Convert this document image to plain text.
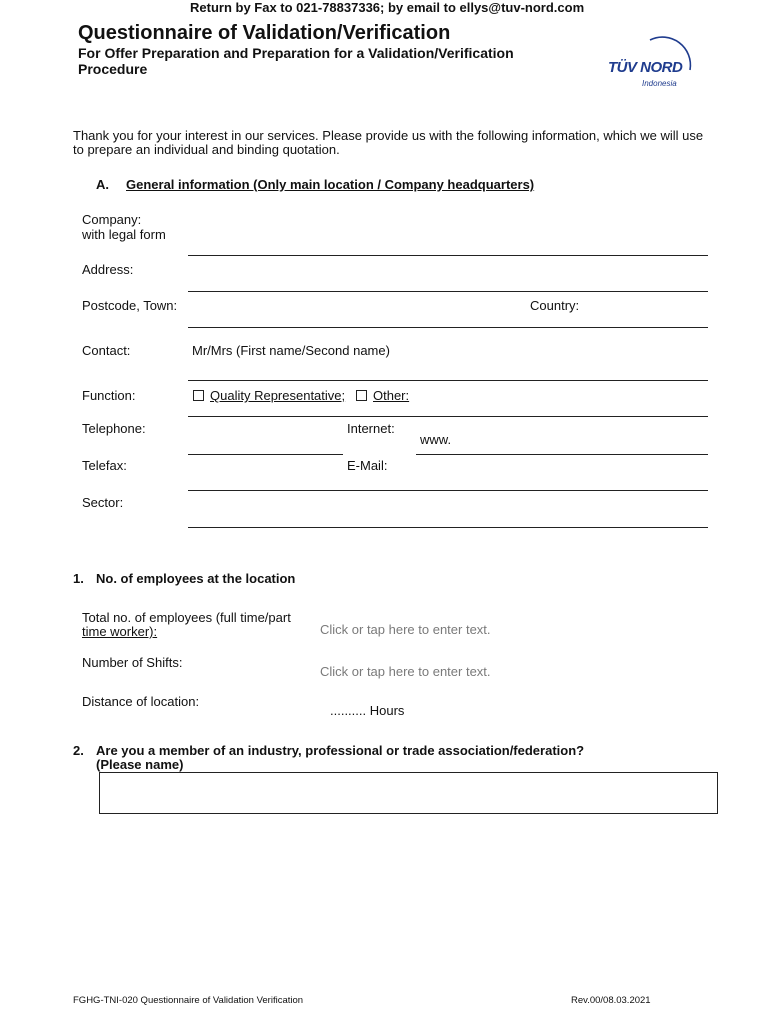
Return by Fax to 021-78837336; by email to ellys@tuv-nord.com
Questionnaire of Validation/Verification
For Offer Preparation and Preparation for a Validation/Verification
Procedure	TÜV NORD
Indonesia
Thank you for your interest in our services. Please provide us with the following information, which we will use
to prepare an individual and binding quotation.
A.	General information (Only main location / Company headquarters)
Company:
with legal form
Address:
Postcode, Town:	Country:
Contact:	Mr/Mrs (First name/Second name)
Function:	Quality Representative; Other:
Telephone:	Internet:
www.
Telefax:	E-Mail:
Sector:
1. No. of employees at the location
Total no. of employees (full time/part
time worker):	Click or tap here to enter text.
Number of Shifts:
Click or tap here to enter text.
Distance of location:
.......... Hours
2. Are you a member of an industry, professional or trade association/federation?
(Please name)
FGHG-TNI-020 Questionnaire of Validation Verification	Rev.00/08.03.2021
